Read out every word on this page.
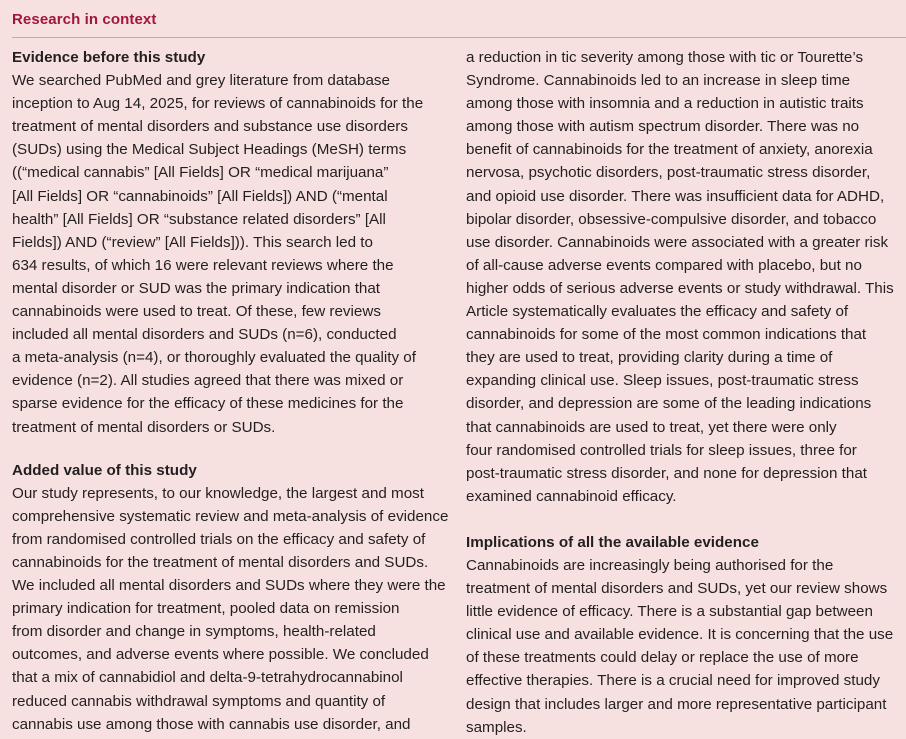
Research in context
Evidence before this study

We searched PubMed and grey literature from database
inception to Aug 14, 2025, for reviews of cannabinoids for the
treatment of mental disorders and substance use disorders
(SUDs) using the Medical Subject Headings (MeSH) terms
((“medical cannabis” [All Fields] OR “medical marijuana”
[All Fields] OR “cannabinoids” [All Fields]) AND (“mental
health” [All Fields] OR “substance related disorders” [All
Fields]) AND (“review” [All Fields])). This search led to
634 results, of which 16 were relevant reviews where the
mental disorder or SUD was the primary indication that
cannabinoids were used to treat. Of these, few reviews
included all mental disorders and SUDs (n=6), conducted
a meta-analysis (n=4), or thoroughly evaluated the quality of
evidence (n=2). All studies agreed that there was mixed or
sparse evidence for the efficacy of these medicines for the
treatment of mental disorders or SUDs.

Added value of this study

Our study represents, to our knowledge, the largest and most
comprehensive systematic review and meta-analysis of evidence
from randomised controlled trials on the efficacy and safety of
cannabinoids for the treatment of mental disorders and SUDs.
We included all mental disorders and SUDs where they were the
primary indication for treatment, pooled data on remission
from disorder and change in symptoms, health-related
outcomes, and adverse events where possible. We concluded
that a mix of cannabidiol and delta-9-tetrahydrocannabinol
reduced cannabis withdrawal symptoms and quantity of
cannabis use among those with cannabis use disorder, and

a reduction in tic severity among those with tic or Tourette’s
Syndrome. Cannabinoids led to an increase in sleep time
among those with insomnia and a reduction in autistic traits
among those with autism spectrum disorder. There was no
benefit of cannabinoids for the treatment of anxiety, anorexia
nervosa, psychotic disorders, post-traumatic stress disorder,
and opioid use disorder. There was insufficient data for ADHD,
bipolar disorder, obsessive-compulsive disorder, and tobacco
use disorder. Cannabinoids were associated with a greater risk
of all-cause adverse events compared with placebo, but no
higher odds of serious adverse events or study withdrawal. This
Article systematically evaluates the efficacy and safety of
cannabinoids for some of the most common indications that
they are used to treat, providing clarity during a time of
expanding clinical use. Sleep issues, post-traumatic stress
disorder, and depression are some of the leading indications
that cannabinoids are used to treat, yet there were only
four randomised controlled trials for sleep issues, three for
post-traumatic stress disorder, and none for depression that
examined cannabinoid efficacy.

Implications of all the available evidence

Cannabinoids are increasingly being authorised for the
treatment of mental disorders and SUDs, yet our review shows
little evidence of efficacy. There is a substantial gap between
clinical use and available evidence. It is concerning that the use
of these treatments could delay or replace the use of more
effective therapies. There is a crucial need for improved study
design that includes larger and more representative participant
samples.
